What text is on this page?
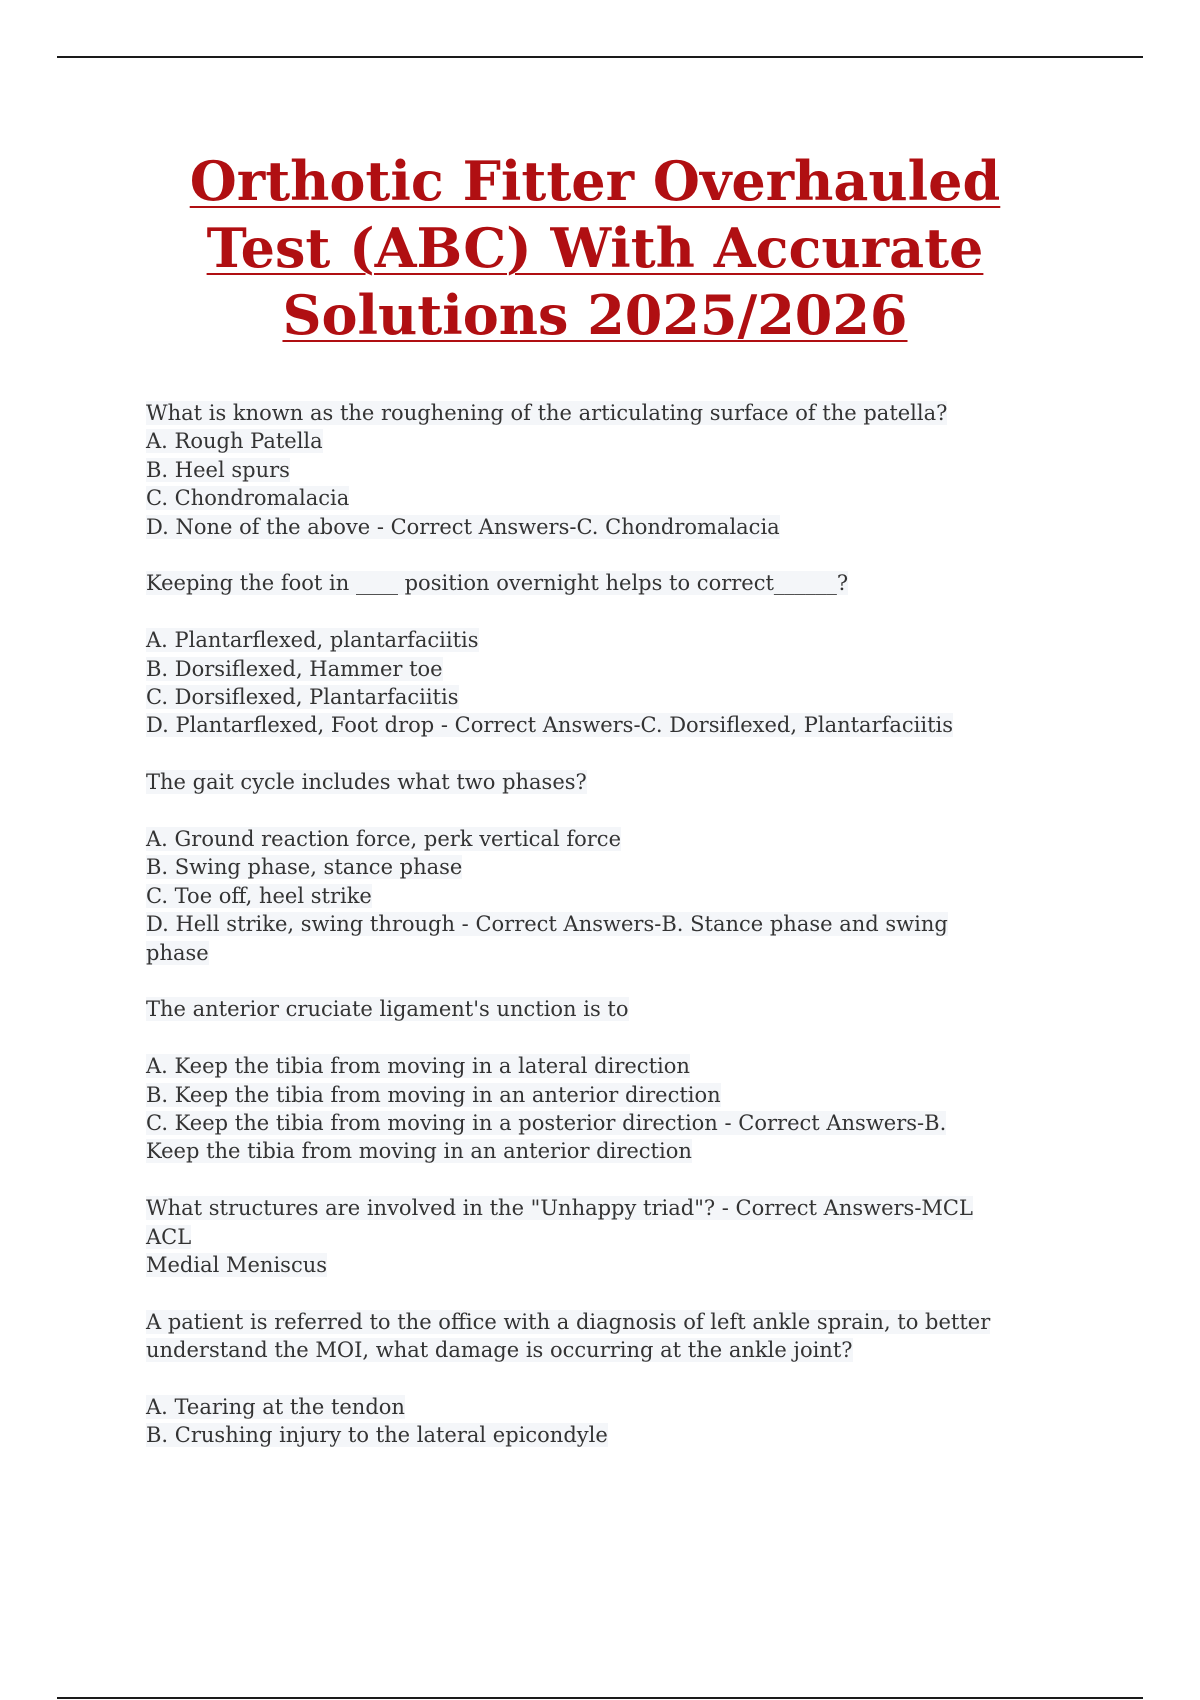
Orthotic Fitter Overhauled
Test (ABC) With Accurate
Solutions 2025/2026
What is known as the roughening of the articulating surface of the patella?
A. Rough Patella
B. Heel spurs
C. Chondromalacia
D. None of the above - Correct Answers-C. Chondromalacia
Keeping the foot in ____ position overnight helps to correct______?
A. Plantarflexed, plantarfaciitis
B. Dorsiflexed, Hammer toe
C. Dorsiflexed, Plantarfaciitis
D. Plantarflexed, Foot drop - Correct Answers-C. Dorsiflexed, Plantarfaciitis
The gait cycle includes what two phases?
A. Ground reaction force, perk vertical force
B. Swing phase, stance phase
C. Toe off, heel strike
D. Hell strike, swing through - Correct Answers-B. Stance phase and swing
phase
The anterior cruciate ligament's unction is to
A. Keep the tibia from moving in a lateral direction
B. Keep the tibia from moving in an anterior direction
C. Keep the tibia from moving in a posterior direction - Correct Answers-B.
Keep the tibia from moving in an anterior direction
What structures are involved in the "Unhappy triad"? - Correct Answers-MCL
ACL
Medial Meniscus
A patient is referred to the office with a diagnosis of left ankle sprain, to better
understand the MOI, what damage is occurring at the ankle joint?
A. Tearing at the tendon
B. Crushing injury to the lateral epicondyle
